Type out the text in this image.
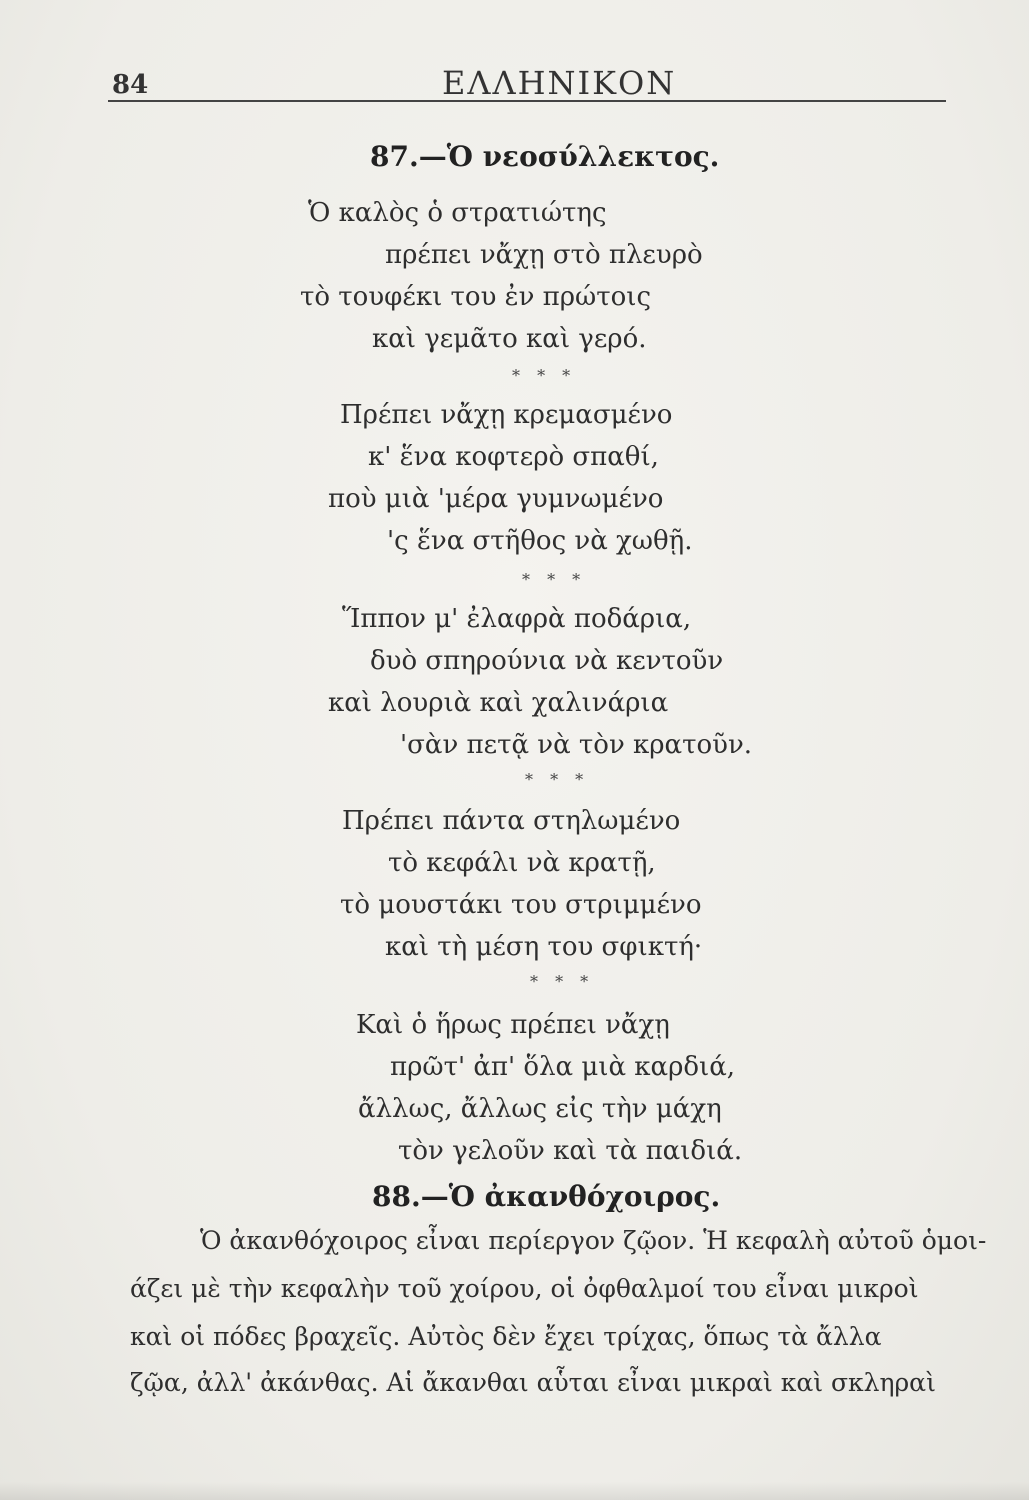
84	ΕΛΛΗΝΙΚΟΝ
87.—Ὁ νεοσύλλεκτος.
Ὁ καλὸς ὁ στρατιώτης
πρέπει νἄχῃ στὸ πλευρὸ
τὸ τουφέκι του ἐν πρώτοις
καὶ γεμᾶτο καὶ γερό.
* * *
Πρέπει νἄχῃ κρεμασμένο
κ' ἕνα κοφτερὸ σπαθί,
ποὺ μιὰ 'μέρα γυμνωμένο
'ς ἕνα στῆθος νὰ χωθῇ.
* * *
Ἵππον μ' ἐλαφρὰ ποδάρια,
δυὸ σπηρούνια νὰ κεντοῦν
καὶ λουριὰ καὶ χαλινάρια
'σὰν πετᾷ νὰ τὸν κρατοῦν.
* * *
Πρέπει πάντα στηλωμένο
τὸ κεφάλι νὰ κρατῇ,
τὸ μουστάκι του στριμμένο
καὶ τὴ μέση του σφικτή·
* * *
Καὶ ὁ ἥρως πρέπει νἄχῃ
πρῶτ' ἀπ' ὅλα μιὰ καρδιά,
ἄλλως, ἄλλως εἰς τὴν μάχη
τὸν γελοῦν καὶ τὰ παιδιά.
88.—Ὁ ἀκανθόχοιρος.
Ὁ ἀκανθόχοιρος εἶναι περίεργον ζῷον. Ἡ κεφαλὴ αὐτοῦ ὁμοι-
άζει μὲ τὴν κεφαλὴν τοῦ χοίρου, οἱ ὀφθαλμοί του εἶναι μικροὶ
καὶ οἱ πόδες βραχεῖς. Αὐτὸς δὲν ἔχει τρίχας, ὅπως τὰ ἄλλα
ζῷα, ἀλλ' ἀκάνθας. Αἱ ἄκανθαι αὗται εἶναι μικραὶ καὶ σκληραὶ
